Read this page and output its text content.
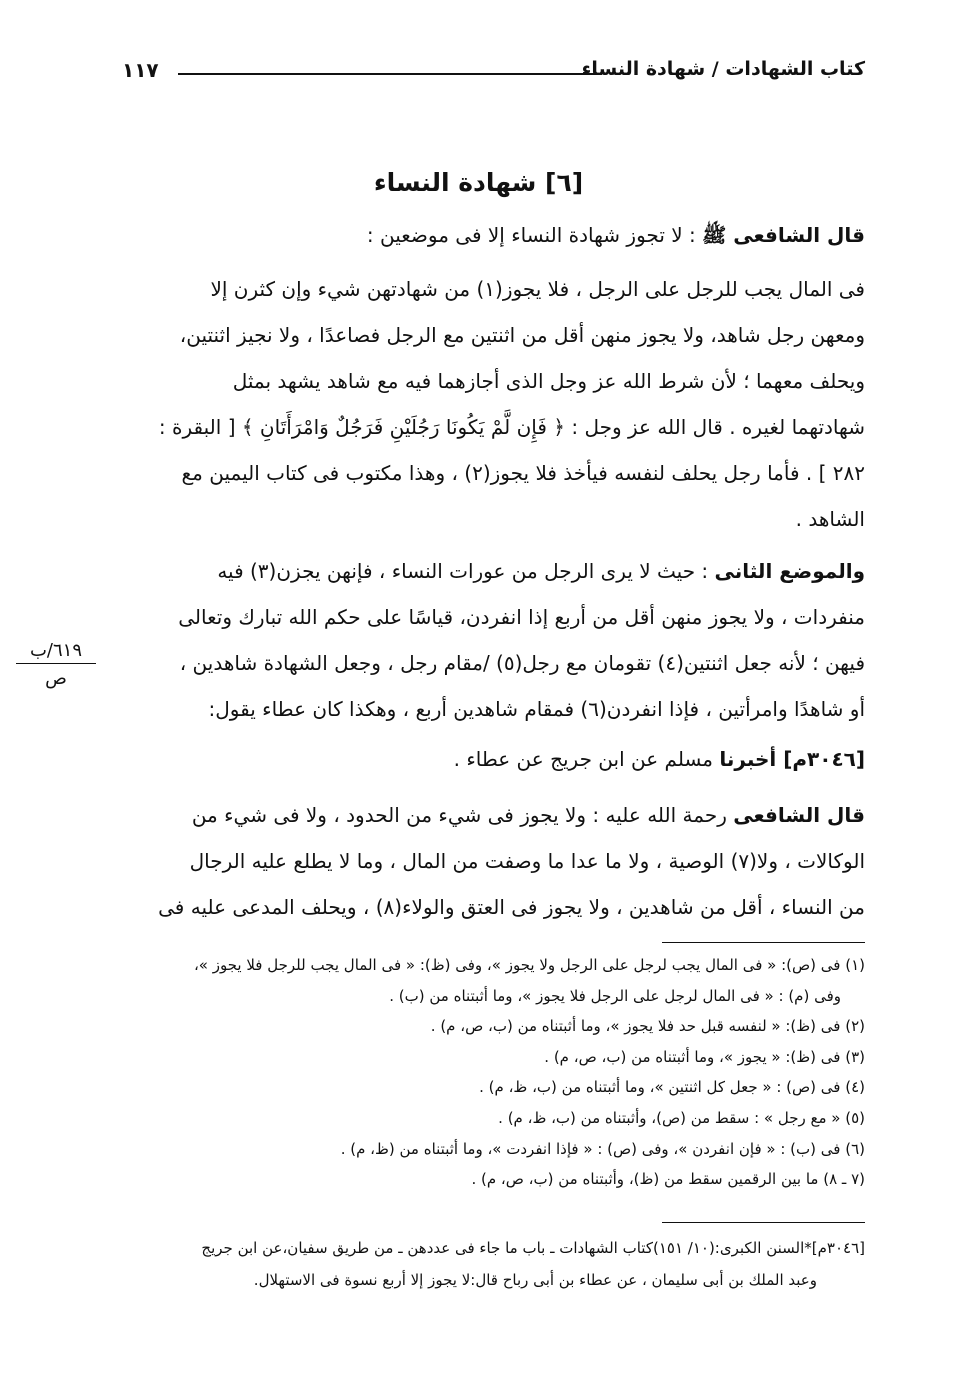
كتاب الشهادات / شهادة النساء
١١٧
[٦] شهادة النساء
قال الشافعى ﷺ : لا تجوز شهادة النساء إلا فى موضعين :
فى المال يجب للرجل على الرجل ، فلا يجوز(١) من شهادتهن شيء وإن كثرن إلا
ومعهن رجل شاهد، ولا يجوز منهن أقل من اثنتين مع الرجل فصاعدًا ، ولا نجيز اثنتين،
ويحلف معهما ؛ لأن شرط الله عز وجل الذى أجازهما فيه مع شاهد يشهد بمثل
شهادتهما لغيره . قال الله عز وجل : ﴿ فَإِن لَّمْ يَكُونَا رَجُلَيْنِ فَرَجُلٌ وَامْرَأَتَانِ ﴾ [ البقرة :
٢٨٢ ] . فأما رجل يحلف لنفسه فيأخذ فلا يجوز(٢) ، وهذا مكتوب فى كتاب اليمين مع
الشاهد .
والموضع الثانى : حيث لا يرى الرجل من عورات النساء ، فإنهن يجزن(٣) فيه
منفردات ، ولا يجوز منهن أقل من أربع إذا انفردن، قياسًا على حكم الله تبارك وتعالى
فيهن ؛ لأنه جعل اثنتين(٤) تقومان مع رجل(٥) /مقام رجل ، وجعل الشهادة شاهدين ،
أو شاهدًا وامرأتين ، فإذا انفردن(٦) فمقام شاهدين أربع ، وهكذا كان عطاء يقول:
[٣٠٤٦م] أخبرنا مسلم عن ابن جريج عن عطاء .
قال الشافعى رحمة الله عليه : ولا يجوز فى شيء من الحدود ، ولا فى شيء من
الوكالات ، ولا(٧) الوصية ، ولا ما عدا ما وصفت من المال ، وما لا يطلع عليه الرجال
من النساء ، أقل من شاهدين ، ولا يجوز فى العتق والولاء(٨) ، ويحلف المدعى عليه فى
٦١٩/ب
ص
(١) فى (ص): « فى المال يجب لرجل على الرجل ولا يجوز »، وفى (ظ): « فى المال يجب للرجل فلا يجوز »،
وفى (م) : « فى المال لرجل على الرجل فلا يجوز »، وما أثبتناه من (ب) .
(٢) فى (ظ): « لنفسه قبل حد فلا يجوز »، وما أثبتناه من (ب، ص، م) .
(٣) فى (ظ): « يجوز »، وما أثبتناه من (ب، ص، م) .
(٤) فى (ص) : « جعل كل اثنتين »، وما أثبتناه من (ب، ظ، م) .
(٥) « مع رجل » : سقط من (ص)، وأثبتناه من (ب، ظ، م) .
(٦) فى (ب) : « فإن انفردن »، وفى (ص) : « فإذا انفردت »، وما أثبتناه من (ظ، م) .
(٧ ـ ٨) ما بين الرقمين سقط من (ظ)، وأثبتناه من (ب، ص، م) .
[٣٠٤٦م]*السنن الكبرى:(١٠/ ١٥١)كتاب الشهادات ـ باب ما جاء فى عددهن ـ من طريق سفيان،عن ابن جريج
وعبد الملك بن أبى سليمان ، عن عطاء بن أبى رباح قال:لا يجوز إلا أربع نسوة فى الاستهلال.
